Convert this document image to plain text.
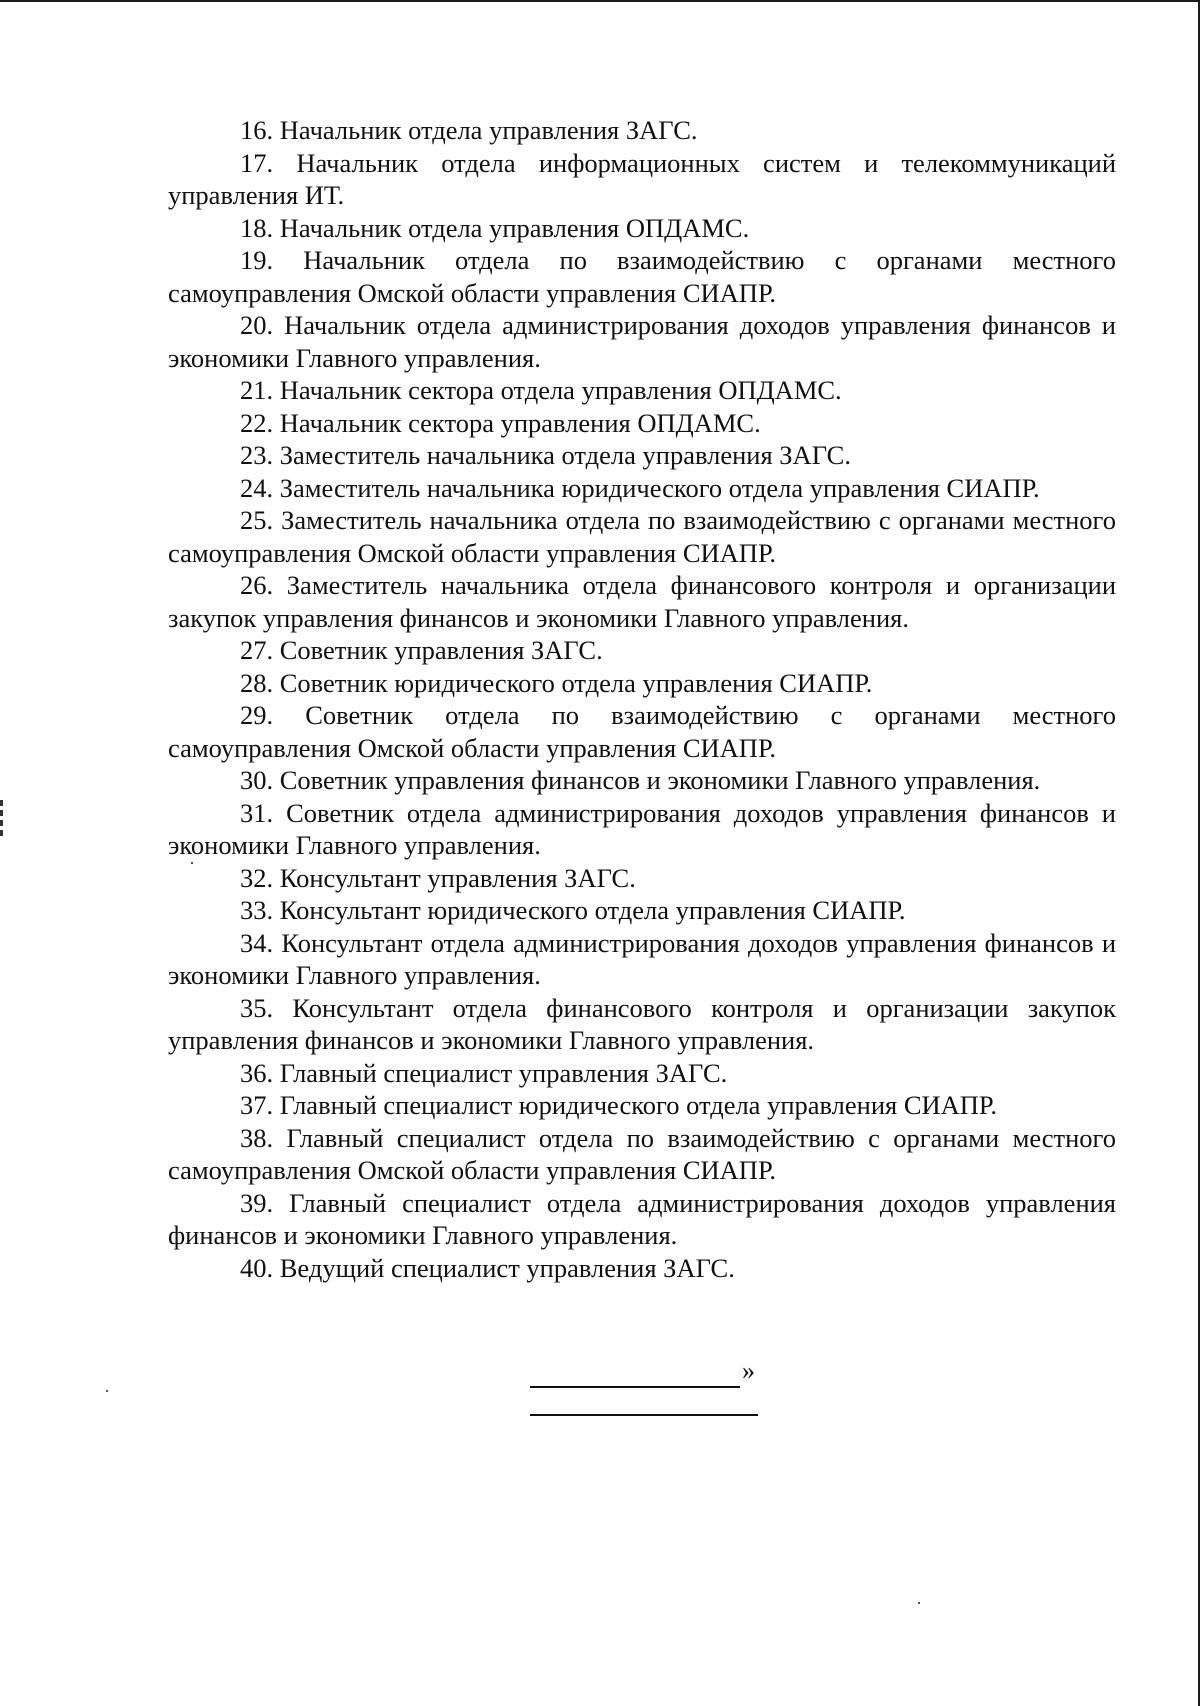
16. Начальник отдела управления ЗАГС.

17. Начальник отдела информационных систем и телекоммуникаций управления ИТ.

18. Начальник отдела управления ОПДАМС.

19. Начальник отдела по взаимодействию с органами местного самоуправления Омской области управления СИАПР.

20. Начальник отдела администрирования доходов управления финансов и экономики Главного управления.

21. Начальник сектора отдела управления ОПДАМС.

22. Начальник сектора управления ОПДАМС.

23. Заместитель начальника отдела управления ЗАГС.

24. Заместитель начальника юридического отдела управления СИАПР.

25. Заместитель начальника отдела по взаимодействию с органами местного самоуправления Омской области управления СИАПР.

26. Заместитель начальника отдела финансового контроля и организации закупок управления финансов и экономики Главного управления.

27. Советник управления ЗАГС.

28. Советник юридического отдела управления СИАПР.

29. Советник отдела по взаимодействию с органами местного самоуправления Омской области управления СИАПР.

30. Советник управления финансов и экономики Главного управления.

31. Советник отдела администрирования доходов управления финансов и экономики Главного управления.

32. Консультант управления ЗАГС.

33. Консультант юридического отдела управления СИАПР.

34. Консультант отдела администрирования доходов управления финансов и экономики Главного управления.

35. Консультант отдела финансового контроля и организации закупок управления финансов и экономики Главного управления.

36. Главный специалист управления ЗАГС.

37. Главный специалист юридического отдела управления СИАПР.

38. Главный специалист отдела по взаимодействию с органами местного самоуправления Омской области управления СИАПР.

39. Главный специалист отдела администрирования доходов управления финансов и экономики Главного управления.

40. Ведущий специалист управления ЗАГС.

»
